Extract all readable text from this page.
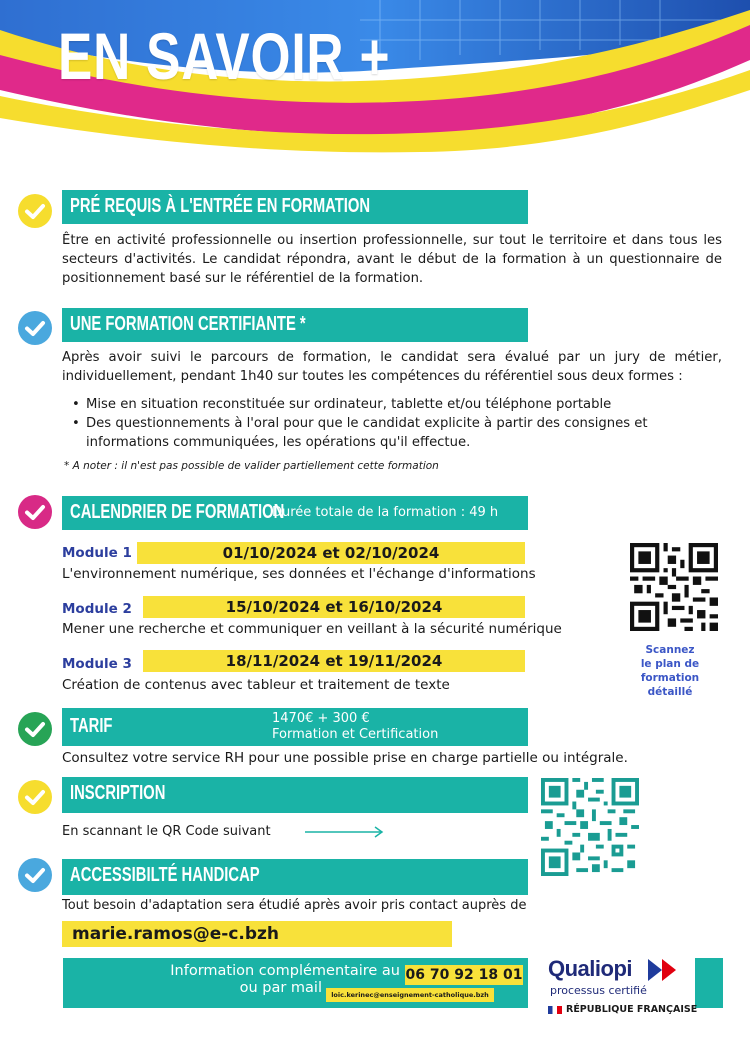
EN SAVOIR +
PRÉ REQUIS À L'ENTRÉE EN FORMATION

Être en activité professionnelle ou insertion professionnelle, sur tout le territoire et dans tous les secteurs d'activités. Le candidat répondra, avant le début de la formation à un questionnaire de positionnement basé sur le référentiel de la formation.

UNE FORMATION CERTIFIANTE *

Après avoir suivi le parcours de formation, le candidat sera évalué par un jury de métier, individuellement, pendant 1h40 sur toutes les compétences du référentiel sous deux formes :

• Mise en situation reconstituée sur ordinateur, tablette et/ou téléphone portable
• Des questionnements à l'oral pour que le candidat explicite à partir des consignes et informations communiquées, les opérations qu'il effectue.
* A noter : il n'est pas possible de valider partiellement cette formation
CALENDRIER DE FORMATION
Durée totale de la formation : 49 h
Module 1	01/10/2024 et 02/10/2024
L'environnement numérique, ses données et l'échange d'informations
Module 2	15/10/2024 et 16/10/2024
Mener une recherche et communiquer en veillant à la sécurité numérique
Module 3	18/11/2024 et 19/11/2024
Création de contenus avec tableur et traitement de texte
Scannez
le plan de formation
détaillé
TARIF	1470€ + 300 €
Formation et Certification
Consultez votre service RH pour une possible prise en charge partielle ou intégrale.
INSCRIPTION
En scannant le QR Code suivant
ACCESSIBILTÉ HANDICAP
Tout besoin d'adaptation sera étudié après avoir pris contact auprès de
marie.ramos@e-c.bzh
Information complémentaire au
ou par mail
06 70 92 18 01
loic.kerinec@enseignement-catholique.bzh
Qualiopi
processus certifié
RÉPUBLIQUE FRANÇAISE
